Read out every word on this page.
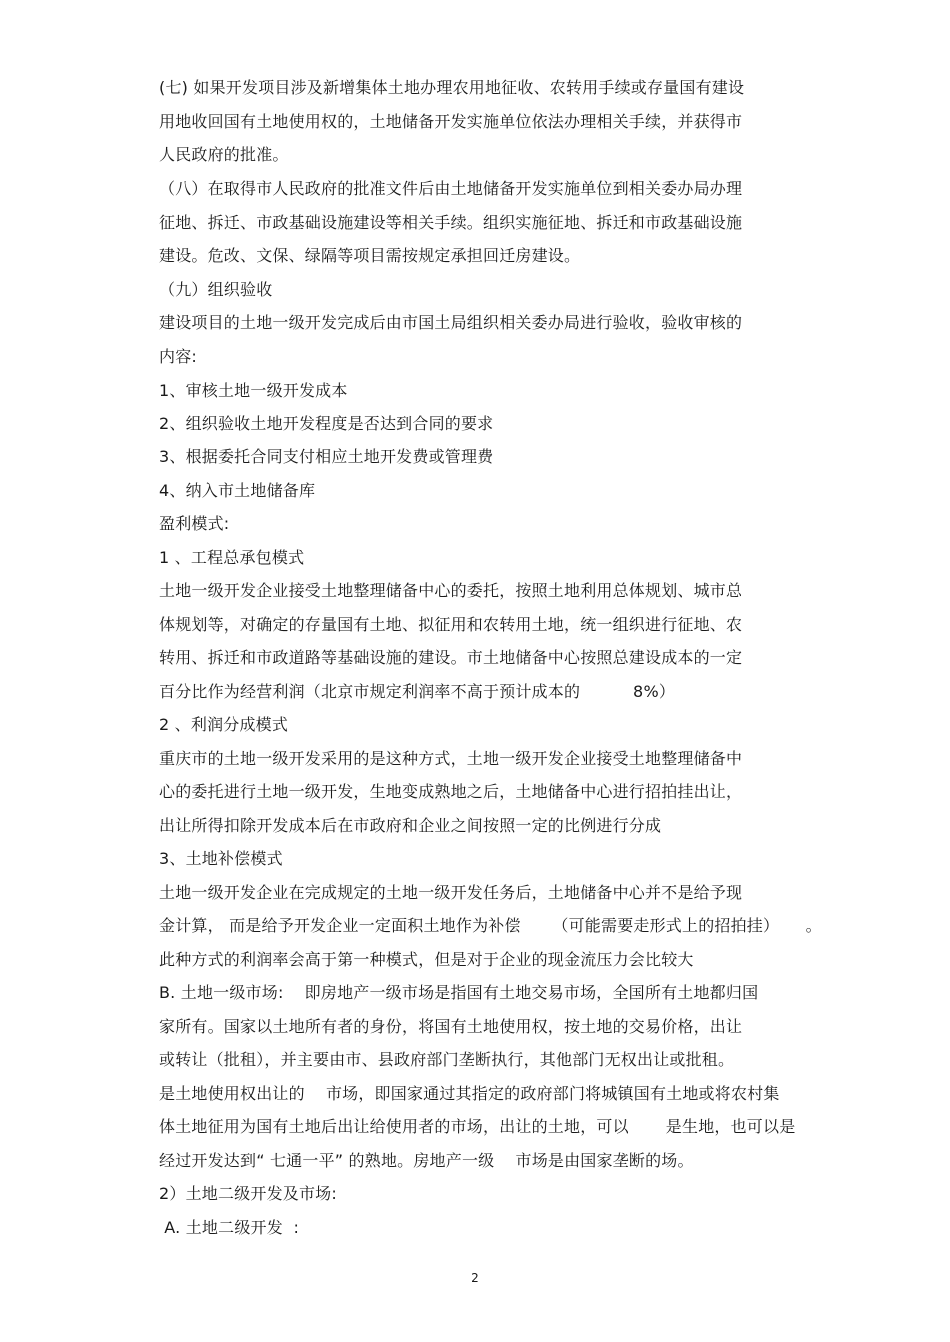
(七) 如果开发项目涉及新增集体土地办理农用地征收、农转用手续或存量国有建设
用地收回国有土地使用权的，土地储备开发实施单位依法办理相关手续，并获得市
人民政府的批准。
（八）在取得市人民政府的批准文件后由土地储备开发实施单位到相关委办局办理
征地、拆迁、市政基础设施建设等相关手续。组织实施征地、拆迁和市政基础设施
建设。危改、文保、绿隔等项目需按规定承担回迁房建设。
（九）组织验收
建设项目的土地一级开发完成后由市国土局组织相关委办局进行验收，验收审核的
内容:
1、审核土地一级开发成本
2、组织验收土地开发程度是否达到合同的要求
3、根据委托合同支付相应土地开发费或管理费
4、纳入市土地储备库
盈利模式:
1 、工程总承包模式
土地一级开发企业接受土地整理储备中心的委托，按照土地利用总体规划、城市总
体规划等，对确定的存量国有土地、拟征用和农转用土地，统一组织进行征地、农
转用、拆迁和市政道路等基础设施的建设。市土地储备中心按照总建设成本的一定
百分比作为经营利润（北京市规定利润率不高于预计成本的          8%）
2 、利润分成模式
重庆市的土地一级开发采用的是这种方式，土地一级开发企业接受土地整理储备中
心的委托进行土地一级开发，生地变成熟地之后，土地储备中心进行招拍挂出让，
出让所得扣除开发成本后在市政府和企业之间按照一定的比例进行分成
3、土地补偿模式
土地一级开发企业在完成规定的土地一级开发任务后，土地储备中心并不是给予现
金计算， 而是给予开发企业一定面积土地作为补偿      （可能需要走形式上的招拍挂）     。
此种方式的利润率会高于第一种模式，但是对于企业的现金流压力会比较大
B. 土地一级市场:    即房地产一级市场是指国有土地交易市场，全国所有土地都归国
家所有。国家以土地所有者的身份，将国有土地使用权，按土地的交易价格，出让
或转让（批租），并主要由市、县政府部门垄断执行，其他部门无权出让或批租。
是土地使用权出让的    市场，即国家通过其指定的政府部门将城镇国有土地或将农村集
体土地征用为国有土地后出让给使用者的市场，出让的土地，可以       是生地，也可以是
经过开发达到“ 七通一平” 的熟地。房地产一级    市场是由国家垄断的场。
2）土地二级开发及市场:
A. 土地二级开发  :
2
